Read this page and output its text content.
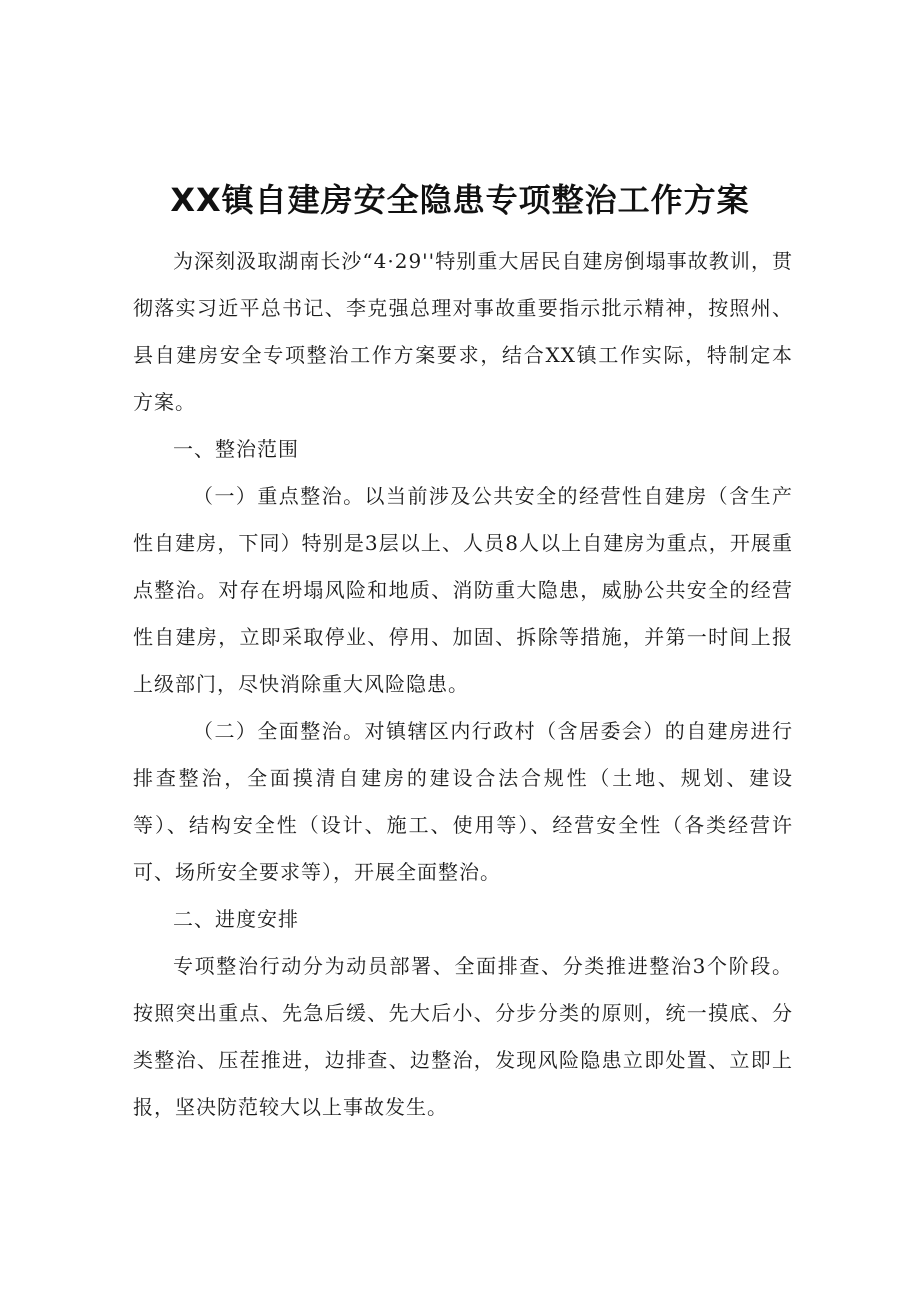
XX镇自建房安全隐患专项整治工作方案

为深刻汲取湖南长沙“4·29''特别重大居民自建房倒塌事故教训，贯彻落实习近平总书记、李克强总理对事故重要指示批示精神，按照州、县自建房安全专项整治工作方案要求，结合XX镇工作实际，特制定本方案。

一、整治范围

（一）重点整治。以当前涉及公共安全的经营性自建房（含生产性自建房，下同）特别是3层以上、人员8人以上自建房为重点，开展重点整治。对存在坍塌风险和地质、消防重大隐患，威胁公共安全的经营性自建房，立即采取停业、停用、加固、拆除等措施，并第一时间上报上级部门，尽快消除重大风险隐患。

（二）全面整治。对镇辖区内行政村（含居委会）的自建房进行排查整治，全面摸清自建房的建设合法合规性（土地、规划、建设等）、结构安全性（设计、施工、使用等）、经营安全性（各类经营许可、场所安全要求等），开展全面整治。

二、进度安排

专项整治行动分为动员部署、全面排查、分类推进整治3个阶段。按照突出重点、先急后缓、先大后小、分步分类的原则，统一摸底、分类整治、压茬推进，边排查、边整治，发现风险隐患立即处置、立即上报，坚决防范较大以上事故发生。
